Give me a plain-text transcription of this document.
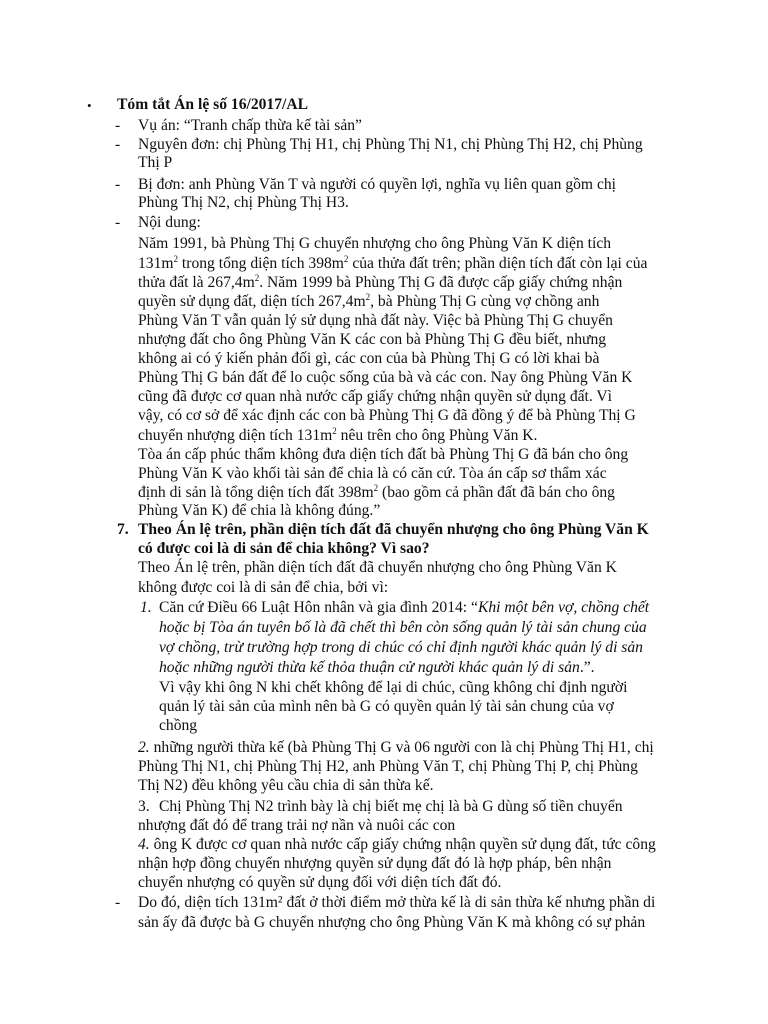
• Tóm tắt Án lệ số 16/2017/AL
- Vụ án: “Tranh chấp thừa kế tài sản”
- Nguyên đơn: chị Phùng Thị H1, chị Phùng Thị N1, chị Phùng Thị H2, chị Phùng
Thị P
- Bị đơn: anh Phùng Văn T và người có quyền lợi, nghĩa vụ liên quan gồm chị
Phùng Thị N2, chị Phùng Thị H3.
- Nội dung:
Năm 1991, bà Phùng Thị G chuyển nhượng cho ông Phùng Văn K diện tích
$131m^2$ trong tổng diện tích $398m^2$ của thửa đất trên; phần diện tích đất còn lại của
thửa đất là $267,4m^2$. Năm 1999 bà Phùng Thị G đã được cấp giấy chứng nhận
quyền sử dụng đất, diện tích $267,4m^2$, bà Phùng Thị G cùng vợ chồng anh
Phùng Văn T vẫn quản lý sử dụng nhà đất này. Việc bà Phùng Thị G chuyển
nhượng đất cho ông Phùng Văn K các con bà Phùng Thị G đều biết, nhưng
không ai có ý kiến phản đối gì, các con của bà Phùng Thị G có lời khai bà
Phùng Thị G bán đất để lo cuộc sống của bà và các con. Nay ông Phùng Văn K
cũng đã được cơ quan nhà nước cấp giấy chứng nhận quyền sử dụng đất. Vì
vậy, có cơ sở để xác định các con bà Phùng Thị G đã đồng ý để bà Phùng Thị G
chuyển nhượng diện tích $131m^2$ nêu trên cho ông Phùng Văn K.
Tòa án cấp phúc thẩm không đưa diện tích đất bà Phùng Thị G đã bán cho ông
Phùng Văn K vào khối tài sản để chia là có căn cứ. Tòa án cấp sơ thẩm xác
định di sản là tổng diện tích đất $398m^2$ (bao gồm cả phần đất đã bán cho ông
Phùng Văn K) để chia là không đúng.”
7. Theo Án lệ trên, phần diện tích đất đã chuyển nhượng cho ông Phùng Văn K
có được coi là di sản để chia không? Vì sao?
Theo Án lệ trên, phần diện tích đất đã chuyển nhượng cho ông Phùng Văn K
không được coi là di sản để chia, bởi vì:
1. Căn cứ Điều 66 Luật Hôn nhân và gia đình 2014: “Khi một bên vợ, chồng chết
hoặc bị Tòa án tuyên bố là đã chết thì bên còn sống quản lý tài sản chung của
vợ chồng, trừ trường hợp trong di chúc có chỉ định người khác quản lý di sản
hoặc những người thừa kế thỏa thuận cử người khác quản lý di sản.”.
Vì vậy khi ông N khi chết không để lại di chúc, cũng không chỉ định người
quản lý tài sản của mình nên bà G có quyền quản lý tài sản chung của vợ
chồng
2. những người thừa kế (bà Phùng Thị G và 06 người con là chị Phùng Thị H1, chị
Phùng Thị N1, chị Phùng Thị H2, anh Phùng Văn T, chị Phùng Thị P, chị Phùng
Thị N2) đều không yêu cầu chia di sản thừa kế.
3. Chị Phùng Thị N2 trình bày là chị biết mẹ chị là bà G dùng số tiền chuyển
nhượng đất đó để trang trải nợ nần và nuôi các con
4. ông K được cơ quan nhà nước cấp giấy chứng nhận quyền sử dụng đất, tức công
nhận hợp đồng chuyển nhượng quyền sử dụng đất đó là hợp pháp, bên nhận
chuyển nhượng có quyền sử dụng đối với diện tích đất đó.
- Do đó, diện tích 131m² đất ở thời điểm mở thừa kế là di sản thừa kế nhưng phần di
sản ấy đã được bà G chuyển nhượng cho ông Phùng Văn K mà không có sự phản
